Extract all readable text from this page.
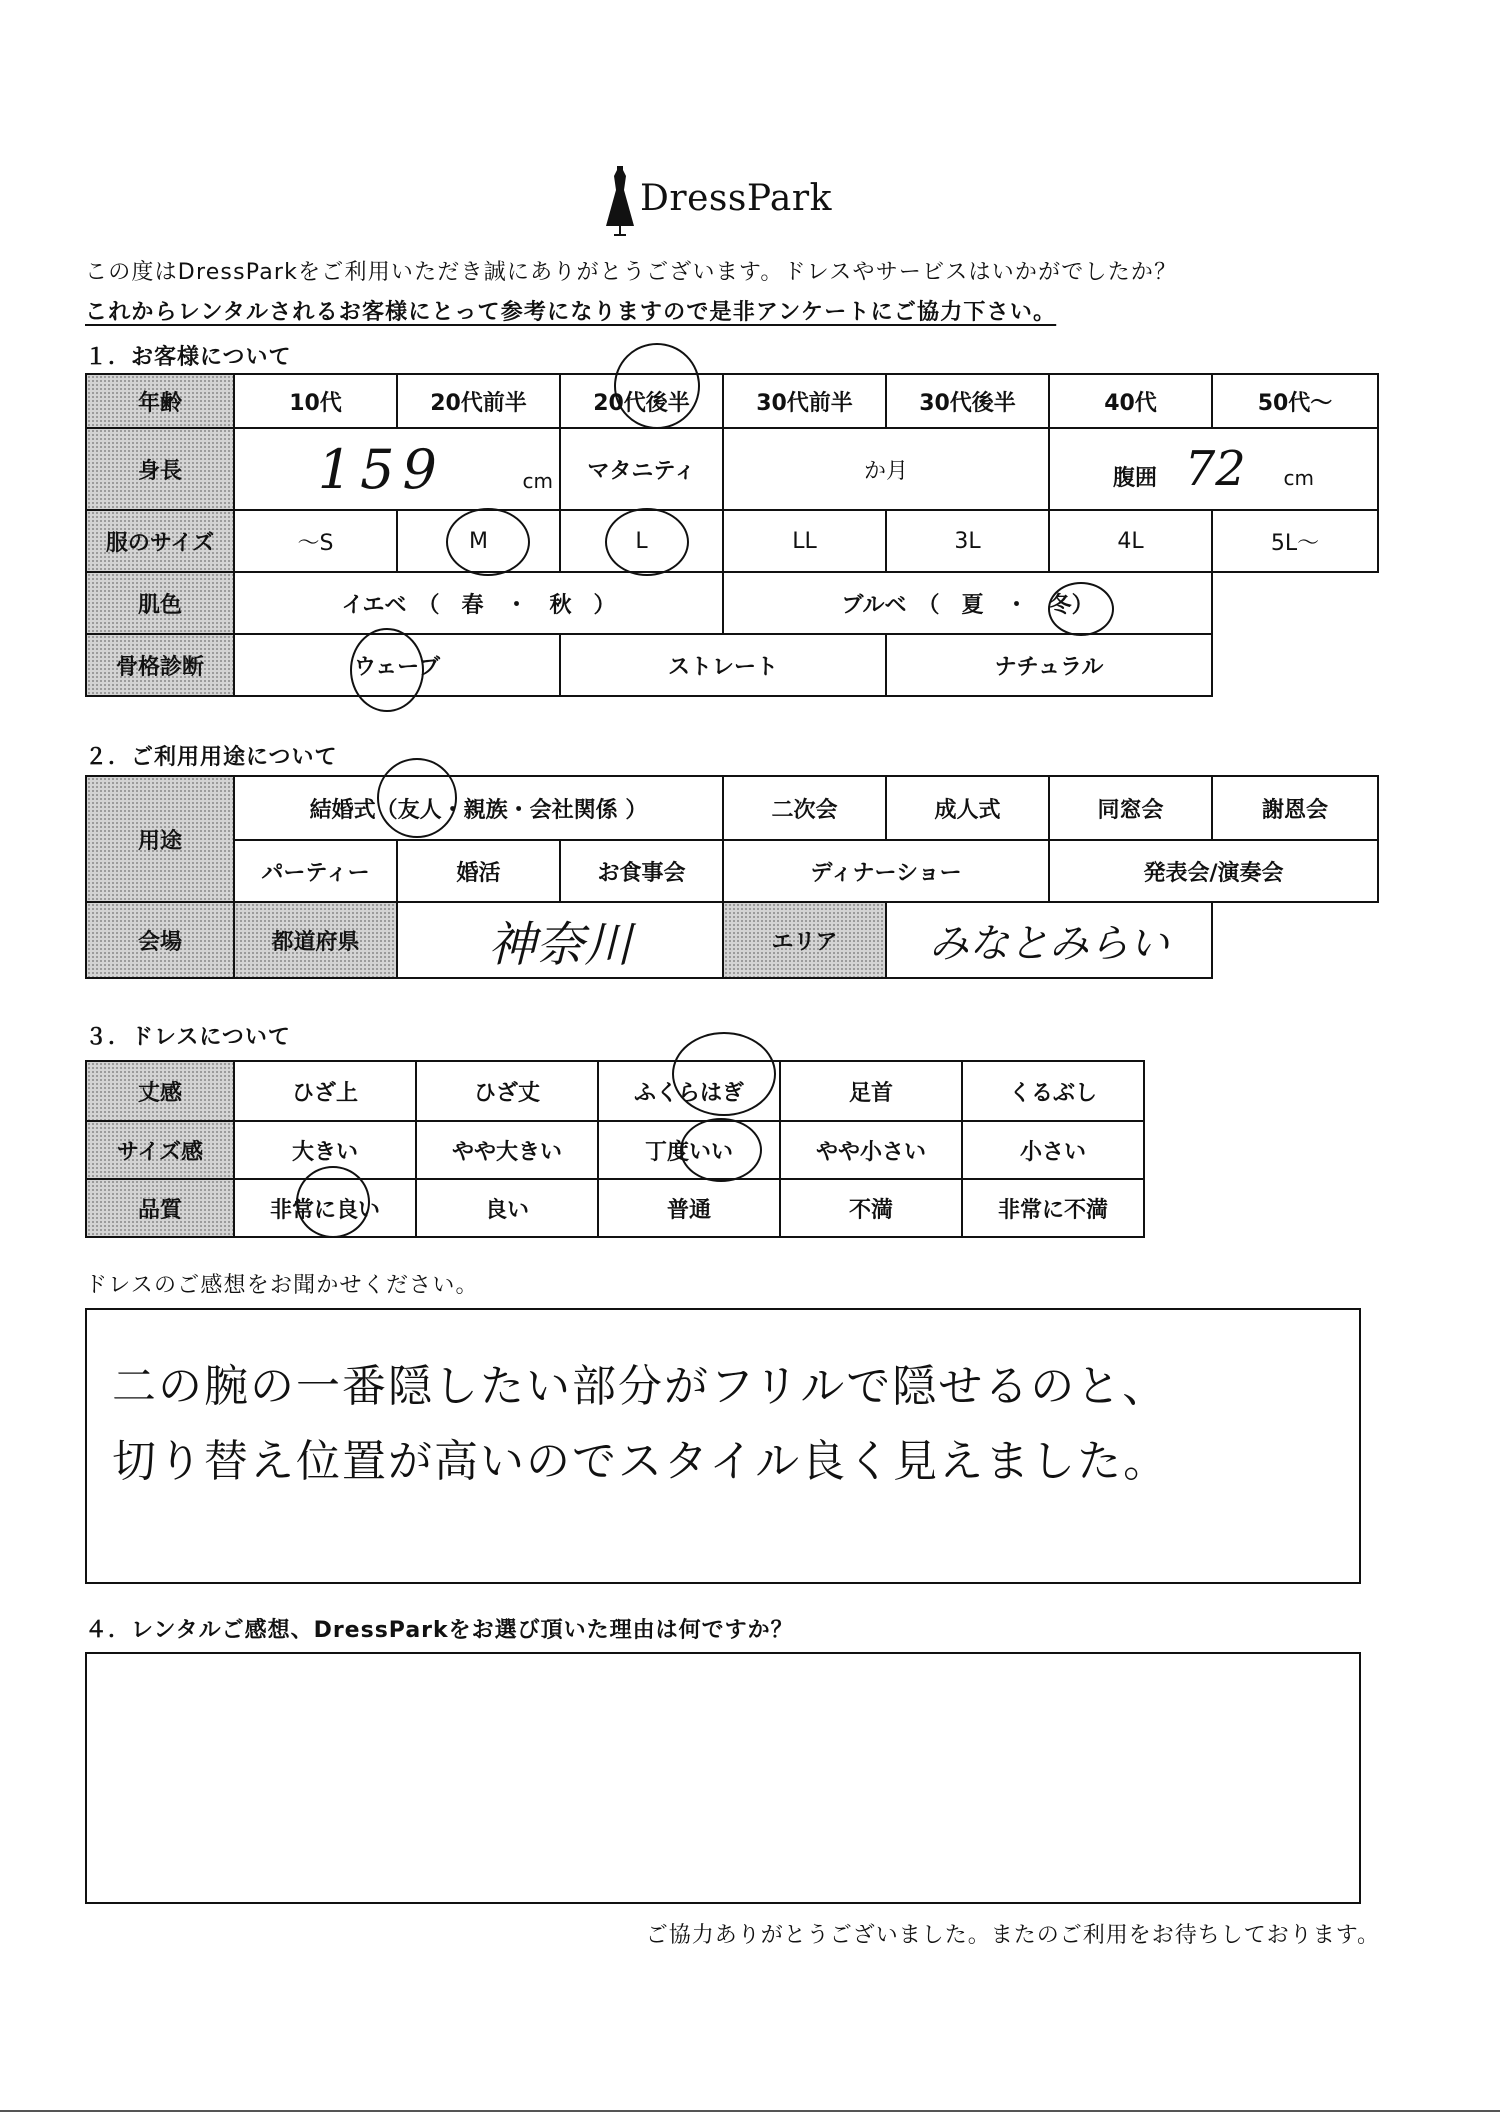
DressPark
この度はDressParkをご利用いただき誠にありがとうございます。ドレスやサービスはいかがでしたか？
これからレンタルされるお客様にとって参考になりますので是非アンケートにご協力下さい。
１．お客様について
年齢	10代	20代前半	20代後半	30代前半	30代後半	40代	50代〜
身長	159 cm		マタニティ	か月		腹囲 72 cm	
服のサイズ	〜S	M	L	LL	3L	4L	5L〜
肌色	イエベ　（　春　・　秋　）			ブルベ　（　夏　・　冬）			
骨格診断	ウェーブ		ストレート		ナチュラル		
２．ご利用用途について
用途	結婚式（友人・親族・会社関係 ）			二次会	成人式	同窓会	謝恩会
	パーティー	婚活	お食事会	ディナーショー		発表会/演奏会	
会場	都道府県	神奈川		エリア	みなとみらい		
３．ドレスについて
丈感	ひざ上	ひざ丈	ふくらはぎ	足首	くるぶし
サイズ感	大きい	やや大きい	丁度いい	やや小さい	小さい
品質	非常に良い	良い	普通	不満	非常に不満
ドレスのご感想をお聞かせください。
二の腕の一番隠したい部分がフリルで隠せるのと、
切り替え位置が高いのでスタイル良く見えました。
４．レンタルご感想、DressParkをお選び頂いた理由は何ですか？
ご協力ありがとうございました。またのご利用をお待ちしております。
